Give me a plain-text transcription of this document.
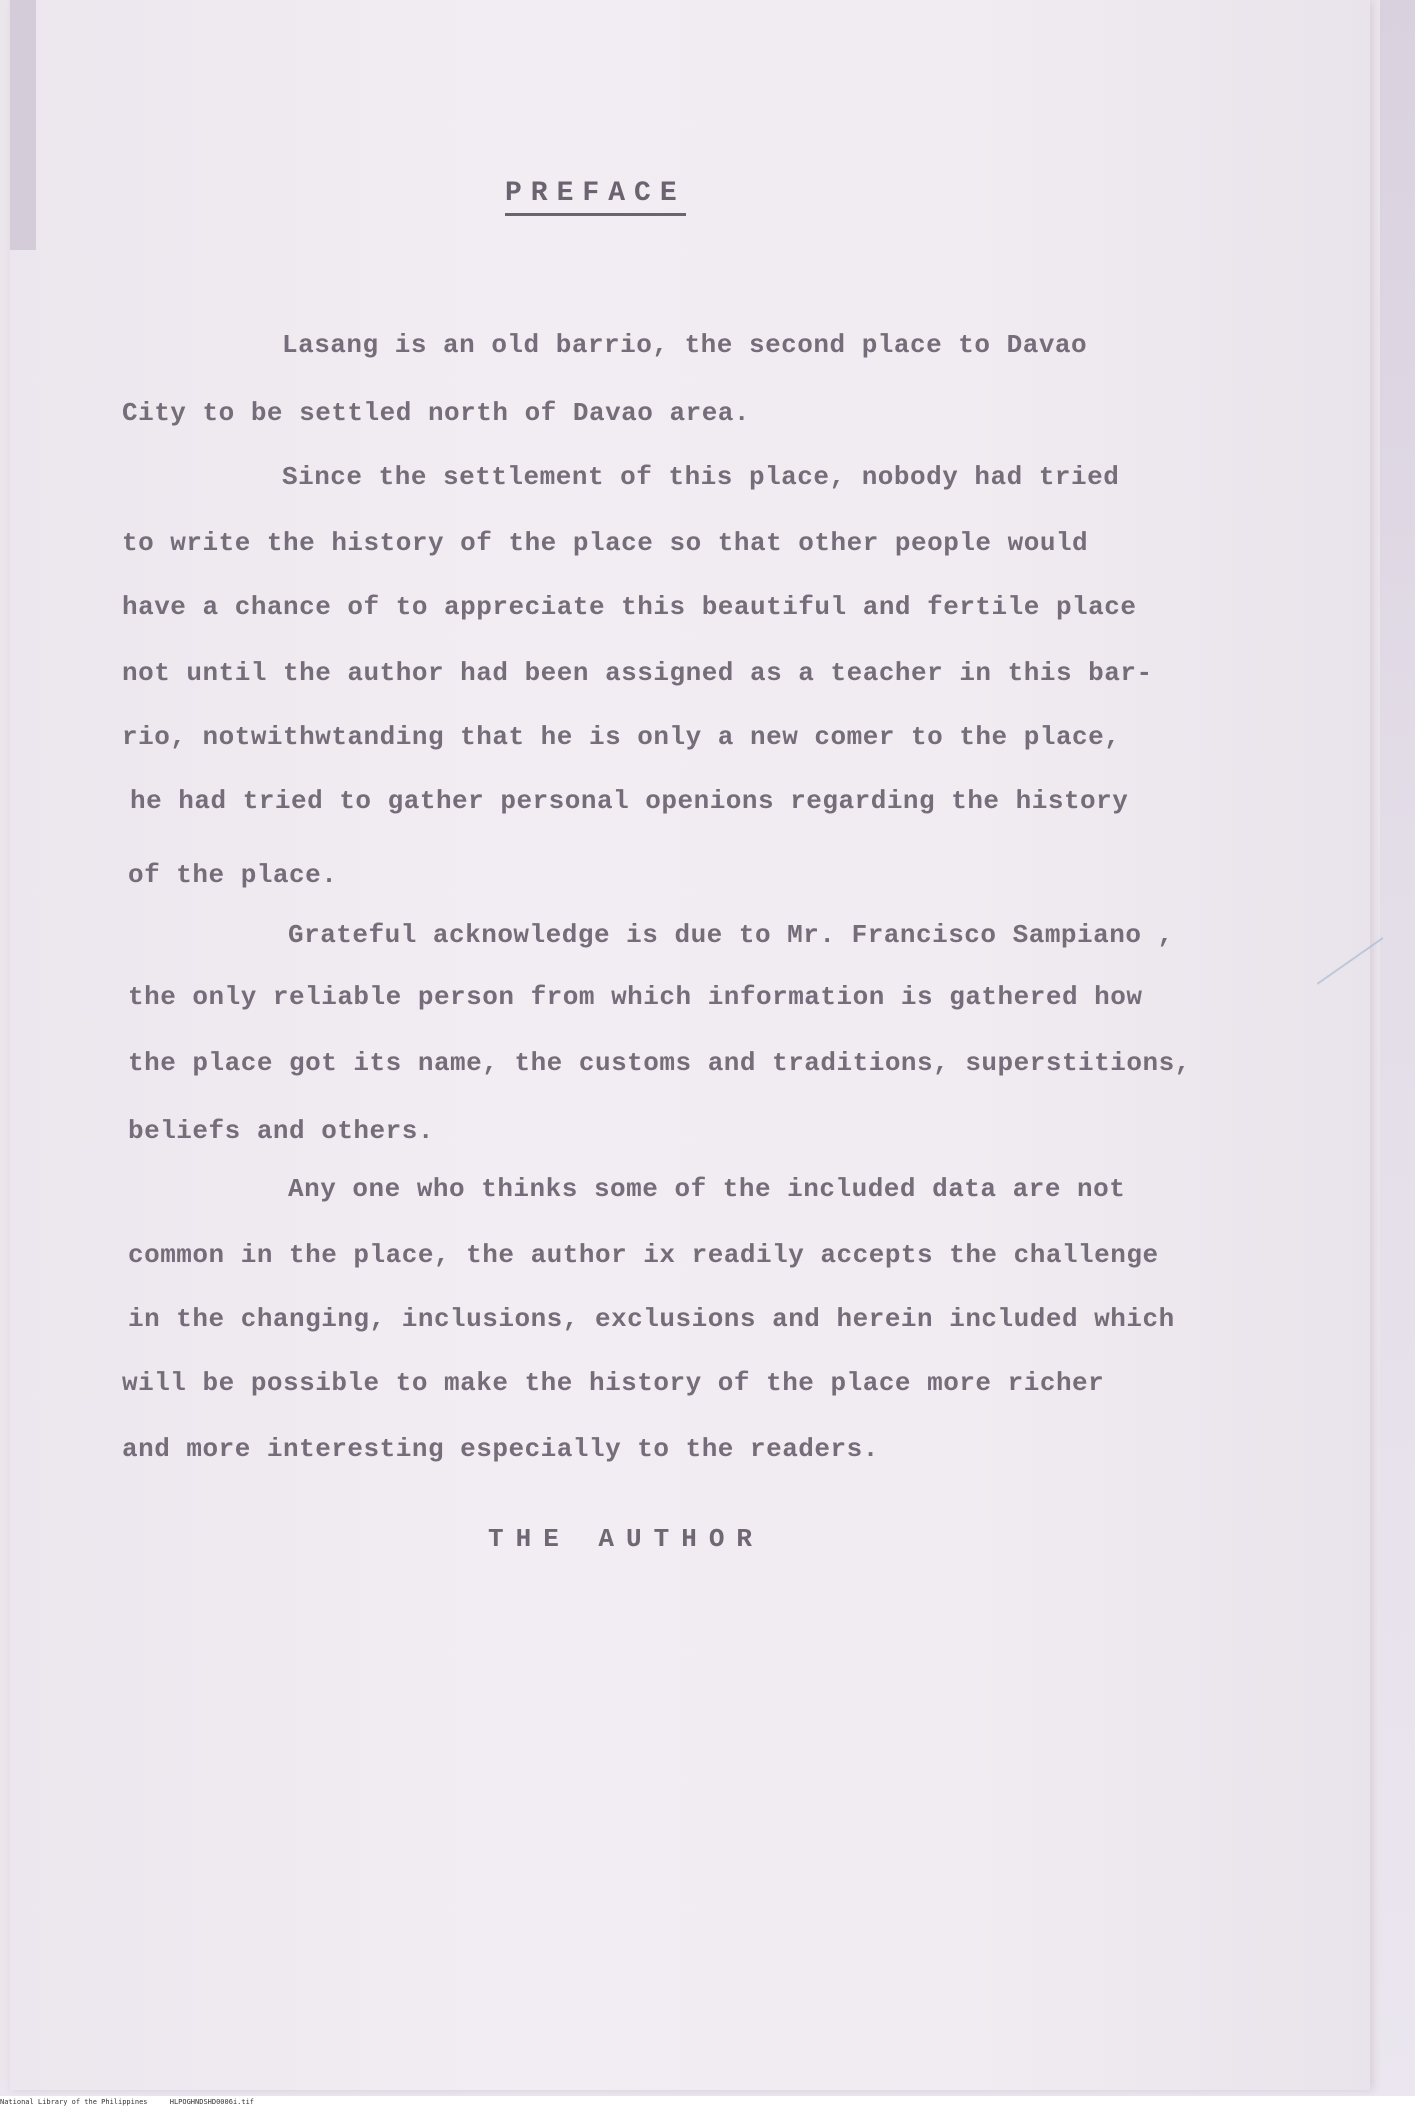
PREFACE
Lasang is an old barrio, the second place to Davao
City to be settled north of Davao area.
Since the settlement of this place, nobody had tried
to write the history of the place so that other people would
have a chance of to appreciate this beautiful and fertile place
not until the author had been assigned as a teacher in this bar-
rio, notwithwtanding that he is only a new comer to the place,
he had tried to gather personal openions regarding the history
of the place.
Grateful acknowledge is due to Mr. Francisco Sampiano ,
the only reliable person from which information is gathered how
the place got its name, the customs and traditions, superstitions,
beliefs and others.
Any one who thinks some of the included data are not
common in the place, the author ix readily accepts the challenge
in the changing, inclusions, exclusions and herein included which
will be possible to make the history of the place more richer
and more interesting especially to the readers.
THE AUTHOR
National Library of the Philippines	HLPOGHNDSHD0006i.tif
